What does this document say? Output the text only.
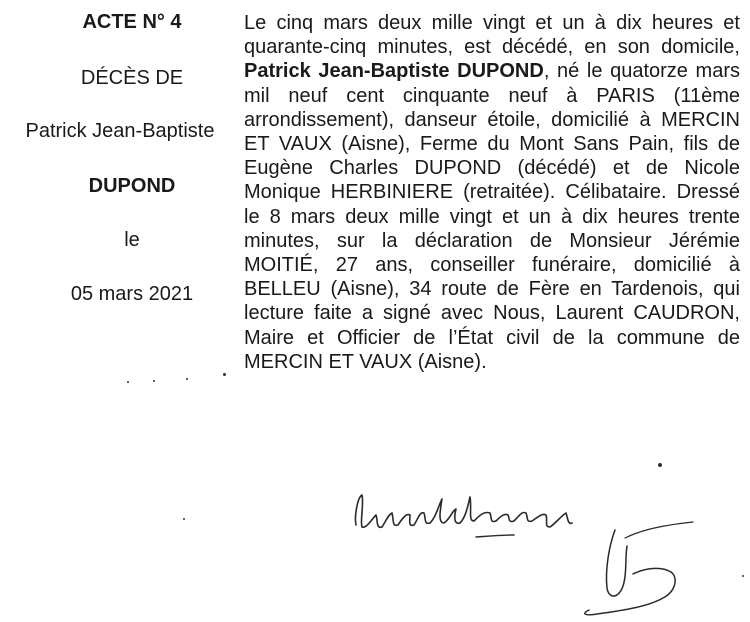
ACTE N° 4
DÉCÈS DE
Patrick Jean-Baptiste
DUPOND
le
05 mars 2021

Le cinq mars deux mille vingt et un à dix heures et quarante-cinq minutes, est décédé, en son domicile, Patrick Jean-Baptiste DUPOND, né le quatorze mars mil neuf cent cinquante neuf à PARIS (11ème arrondissement), danseur étoile, domicilié à MERCIN ET VAUX (Aisne), Ferme du Mont Sans Pain, fils de Eugène Charles DUPOND (décédé) et de Nicole Monique HERBINIERE (retraitée). Célibataire. Dressé le 8 mars deux mille vingt et un à dix heures trente minutes, sur la déclaration de Monsieur Jérémie MOITIÉ, 27 ans, conseiller funéraire, domicilié à BELLEU (Aisne), 34 route de Fère en Tardenois, qui lecture faite a signé avec Nous, Laurent CAUDRON, Maire et Officier de l’État civil de la commune de MERCIN ET VAUX (Aisne).
